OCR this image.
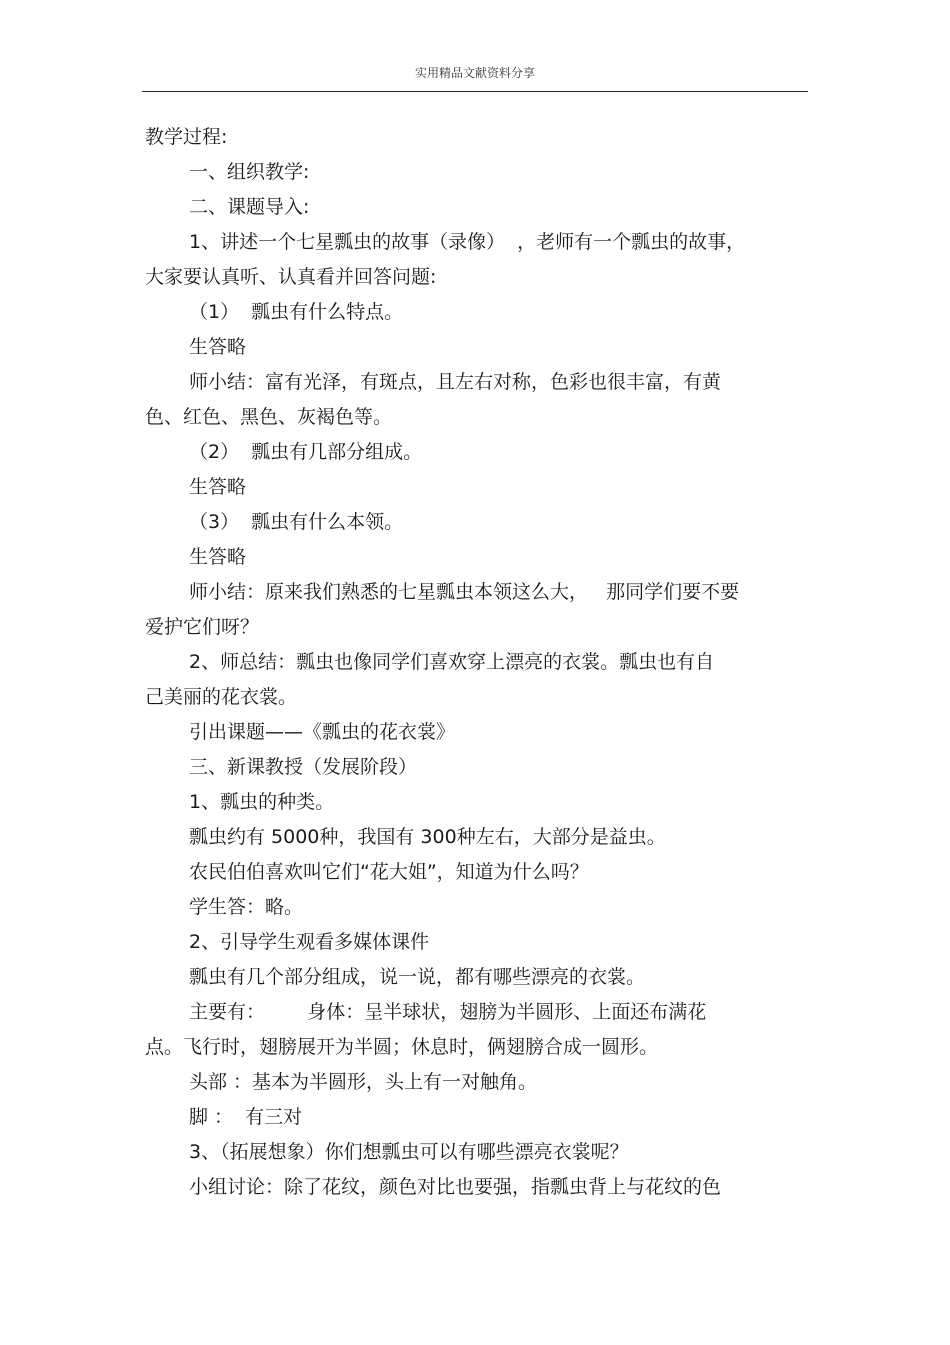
实用精品文献资料分享
教学过程:
一、组织教学:
二、课题导入:
1、讲述一个七星瓢虫的故事（录像）  ，老师有一个瓢虫的故事，
大家要认真听、认真看并回答问题:
（1）  瓢虫有什么特点。
生答略
师小结：富有光泽，有斑点，且左右对称，色彩也很丰富，有黄
色、红色、黑色、灰褐色等。
（2）  瓢虫有几部分组成。
生答略
（3）  瓢虫有什么本领。
生答略
师小结：原来我们熟悉的七星瓢虫本领这么大，   那同学们要不要
爱护它们呀？
2、师总结：瓢虫也像同学们喜欢穿上漂亮的衣裳。瓢虫也有自
己美丽的花衣裳。
引出课题——《瓢虫的花衣裳》
三、新课教授（发展阶段）
1、瓢虫的种类。
瓢虫约有 5000种，我国有 300种左右，大部分是益虫。
农民伯伯喜欢叫它们“花大姐”，知道为什么吗？
学生答：略。
2、引导学生观看多媒体课件
瓢虫有几个部分组成，说一说，都有哪些漂亮的衣裳。
主要有：       身体：呈半球状，翅膀为半圆形、上面还布满花
点。飞行时，翅膀展开为半圆；休息时，俩翅膀合成一圆形。
头部 ：基本为半圆形，头上有一对触角。
脚 ：  有三对
3、（拓展想象）你们想瓢虫可以有哪些漂亮衣裳呢？
小组讨论：除了花纹，颜色对比也要强，指瓢虫背上与花纹的色
